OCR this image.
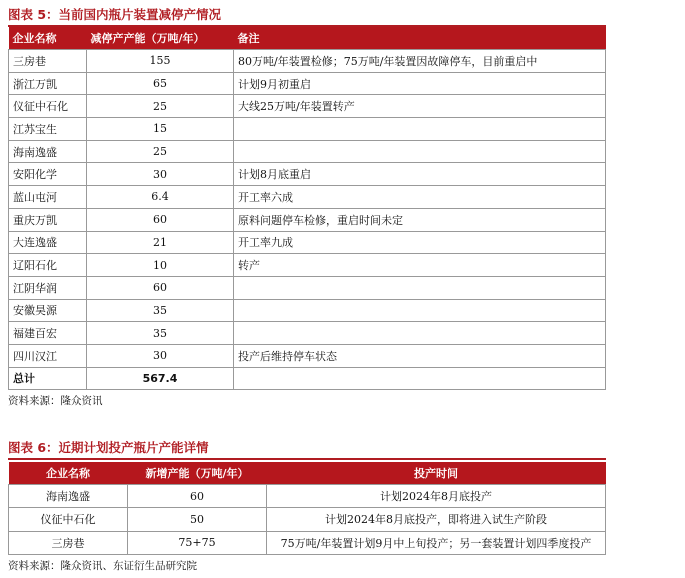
图表 5：当前国内瓶片装置减停产情况
企业名称	减停产产能（万吨/年）	备注
三房巷	155	80万吨/年装置检修；75万吨/年装置因故障停车，目前重启中
浙江万凯	65	计划9月初重启
仪征中石化	25	大线25万吨/年装置转产
江苏宝生	15	
海南逸盛	25	
安阳化学	30	计划8月底重启
蓝山屯河	6.4	开工率六成
重庆万凯	60	原料问题停车检修，重启时间未定
大连逸盛	21	开工率九成
辽阳石化	10	转产
江阴华润	60	
安徽昊源	35	
福建百宏	35	
四川汉江	30	投产后维持停车状态
总计	567.4	
资料来源：隆众资讯
图表 6：近期计划投产瓶片产能详情
企业名称	新增产能（万吨/年）	投产时间
海南逸盛	60	计划2024年8月底投产
仪征中石化	50	计划2024年8月底投产，即将进入试生产阶段
三房巷	75+75	75万吨/年装置计划9月中上旬投产；另一套装置计划四季度投产
资料来源：隆众资讯、东证衍生品研究院
